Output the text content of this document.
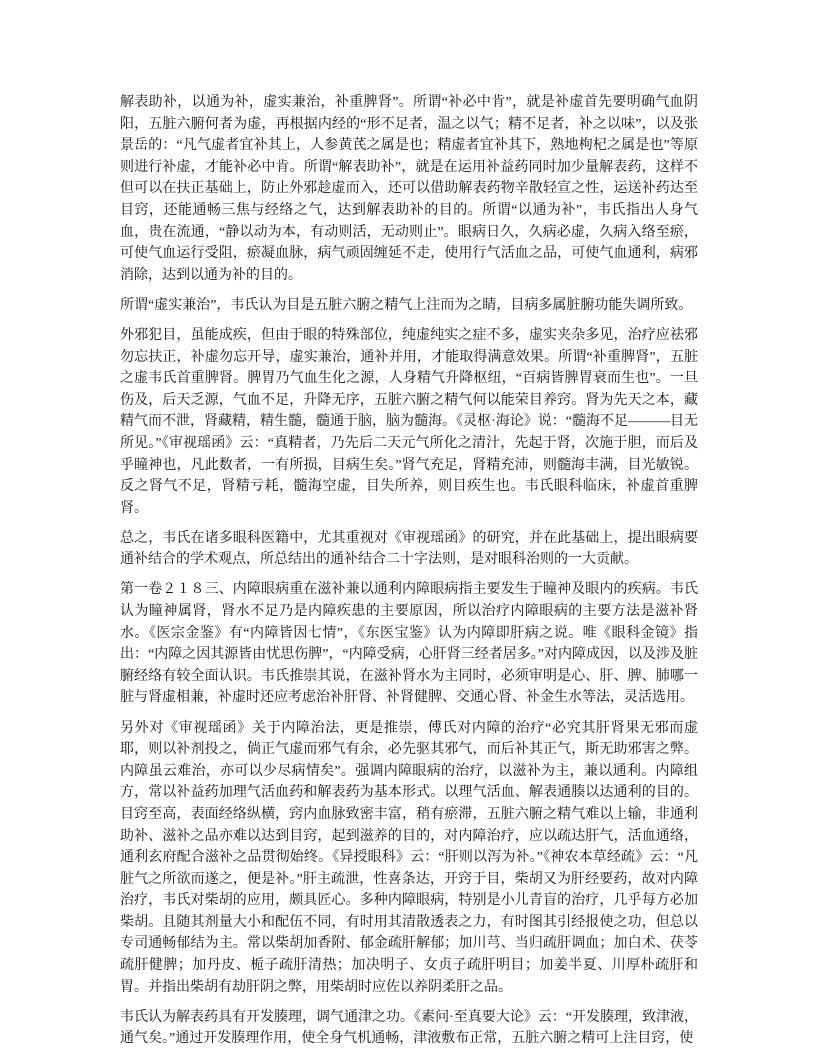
解表助补，以通为补，虚实兼治，补重脾肾”。所谓“补必中肯”，就是补虚首先要明确气血阴阳，五脏六腑何者为虚，再根据内经的“形不足者，温之以气；精不足者，补之以味”，以及张景岳的：“凡气虚者宜补其上，人参黄芪之属是也；精虚者宜补其下，熟地枸杞之属是也”等原则进行补虚，才能补必中肯。所谓“解表助补”，就是在运用补益药同时加少量解表药，这样不但可以在扶正基础上，防止外邪趁虚而入，还可以借助解表药物辛散轻宣之性，运送补药达至目窍，还能通畅三焦与经络之气，达到解表助补的目的。所谓“以通为补”，韦氏指出人身气血，贵在流通，“静以动为本，有动则活，无动则止”。眼病日久，久病必虚，久病入络至瘀，可使气血运行受阻，瘀凝血脉，病气顽固缠延不走，使用行气活血之品，可使气血通利，病邪消除，达到以通为补的目的。

所谓“虚实兼治”，韦氏认为目是五脏六腑之精气上注而为之睛，目病多属脏腑功能失调所致。

外邪犯目，虽能成疾，但由于眼的特殊部位，纯虚纯实之症不多，虚实夹杂多见，治疗应祛邪勿忘扶正，补虚勿忘开导，虚实兼治，通补并用，才能取得满意效果。所谓“补重脾肾”，五脏之虚韦氏首重脾肾。脾胃乃气血生化之源，人身精气升降枢纽，“百病皆脾胃衰而生也”。一旦伤及，后天乏源，气血不足，升降无序，五脏六腑之精气何以能荣目养窍。肾为先天之本，藏精气而不泄，肾藏精，精生髓，髓通于脑，脑为髓海。《灵枢·海论》说：“髓海不足———目无所见。”《审视瑶函》云：“真精者，乃先后二天元气所化之清汁，先起于肾，次施于胆，而后及乎瞳神也，凡此数者，一有所损，目病生矣。”肾气充足，肾精充沛，则髓海丰满，目光敏锐。反之肾气不足，肾精亏耗，髓海空虚，目失所养，则目疾生也。韦氏眼科临床，补虚首重脾肾。

总之，韦氏在诸多眼科医籍中，尤其重视对《审视瑶函》的研究，并在此基础上，提出眼病要通补结合的学术观点，所总结出的通补结合二十字法则，是对眼科治则的一大贡献。

第一卷２１８三、内障眼病重在滋补兼以通利内障眼病指主要发生于瞳神及眼内的疾病。韦氏认为瞳神属肾，肾水不足乃是内障疾患的主要原因，所以治疗内障眼病的主要方法是滋补肾水。《医宗金鉴》有“内障皆因七情”，《东医宝鉴》认为内障即肝病之说。唯《眼科金镜》指出：“内障之因其源皆由忧思伤脾”，“内障受病，心肝肾三经者居多。”对内障成因，以及涉及脏腑经络有较全面认识。韦氏推崇其说，在滋补肾水为主同时，必须审明是心、肝、脾、肺哪一脏与肾虚相兼，补虚时还应考虑治补肝肾、补肾健脾、交通心肾、补金生水等法，灵活选用。

另外对《审视瑶函》关于内障治法，更是推崇，傅氏对内障的治疗“必究其肝肾果无邪而虚耶，则以补剂投之，倘正气虚而邪气有余，必先驱其邪气，而后补其正气，斯无助邪害之弊。内障虽云难治，亦可以少尽病情矣”。强调内障眼病的治疗，以滋补为主，兼以通利。内障组方，常以补益药加理气活血药和解表药为基本形式。以理气活血、解表通腠以达通利的目的。目窍至高，表面经络纵横，窍内血脉致密丰富，稍有瘀滞，五脏六腑之精气难以上输，非通利助补、滋补之品亦难以达到目窍，起到滋养的目的，对内障治疗，应以疏达肝气，活血通络，通利玄府配合滋补之品贯彻始终。《异授眼科》云：“肝则以泻为补。”《神农本草经疏》云：“凡脏气之所欲而遂之，便是补。”肝主疏泄，性喜条达，开窍于目，柴胡又为肝经要药，故对内障治疗，韦氏对柴胡的应用，颇具匠心。多种内障眼病，特别是小儿青盲的治疗，几乎每方必加柴胡。且随其剂量大小和配伍不同，有时用其清散透表之力，有时图其引经报使之功，但总以专司通畅郁结为主。常以柴胡加香附、郁金疏肝解郁；加川芎、当归疏肝调血；加白术、茯苓疏肝健脾；加丹皮、栀子疏肝清热；加决明子、女贞子疏肝明目；加姜半夏、川厚朴疏肝和胃。并指出柴胡有劫肝阴之弊，用柴胡时应佐以养阴柔肝之品。

韦氏认为解表药具有开发腠理，调气通津之功。《素问·至真要大论》云：“开发腠理，致津液，通气矣。”通过开发腠理作用，使全身气机通畅，津液敷布正常，五脏六腑之精可上注目窍，使
